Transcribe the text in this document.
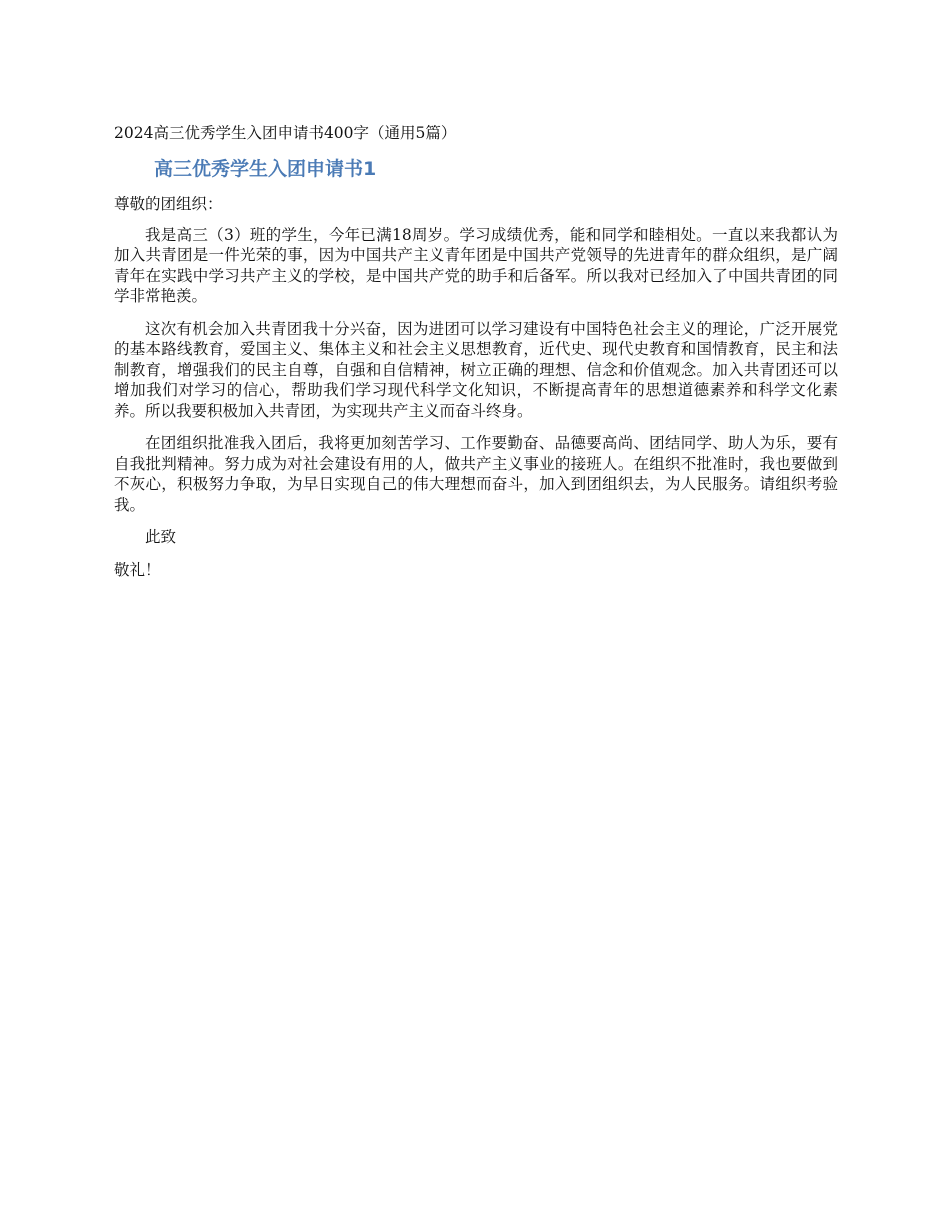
2024高三优秀学生入团申请书400字（通用5篇）
高三优秀学生入团申请书1
尊敬的团组织：

我是高三（3）班的学生，今年已满18周岁。学习成绩优秀，能和同学和睦相处。一直以来我都认为加入共青团是一件光荣的事，因为中国共产主义青年团是中国共产党领导的先进青年的群众组织，是广阔青年在实践中学习共产主义的学校，是中国共产党的助手和后备军。所以我对已经加入了中国共青团的同学非常艳羡。

这次有机会加入共青团我十分兴奋，因为进团可以学习建设有中国特色社会主义的理论，广泛开展党的基本路线教育，爱国主义、集体主义和社会主义思想教育，近代史、现代史教育和国情教育，民主和法制教育，增强我们的民主自尊，自强和自信精神，树立正确的理想、信念和价值观念。加入共青团还可以增加我们对学习的信心，帮助我们学习现代科学文化知识，不断提高青年的思想道德素养和科学文化素养。所以我要积极加入共青团，为实现共产主义而奋斗终身。

在团组织批准我入团后，我将更加刻苦学习、工作要勤奋、品德要高尚、团结同学、助人为乐，要有自我批判精神。努力成为对社会建设有用的人，做共产主义事业的接班人。在组织不批准时，我也要做到不灰心，积极努力争取，为早日实现自己的伟大理想而奋斗，加入到团组织去，为人民服务。请组织考验我。

此致
敬礼！
